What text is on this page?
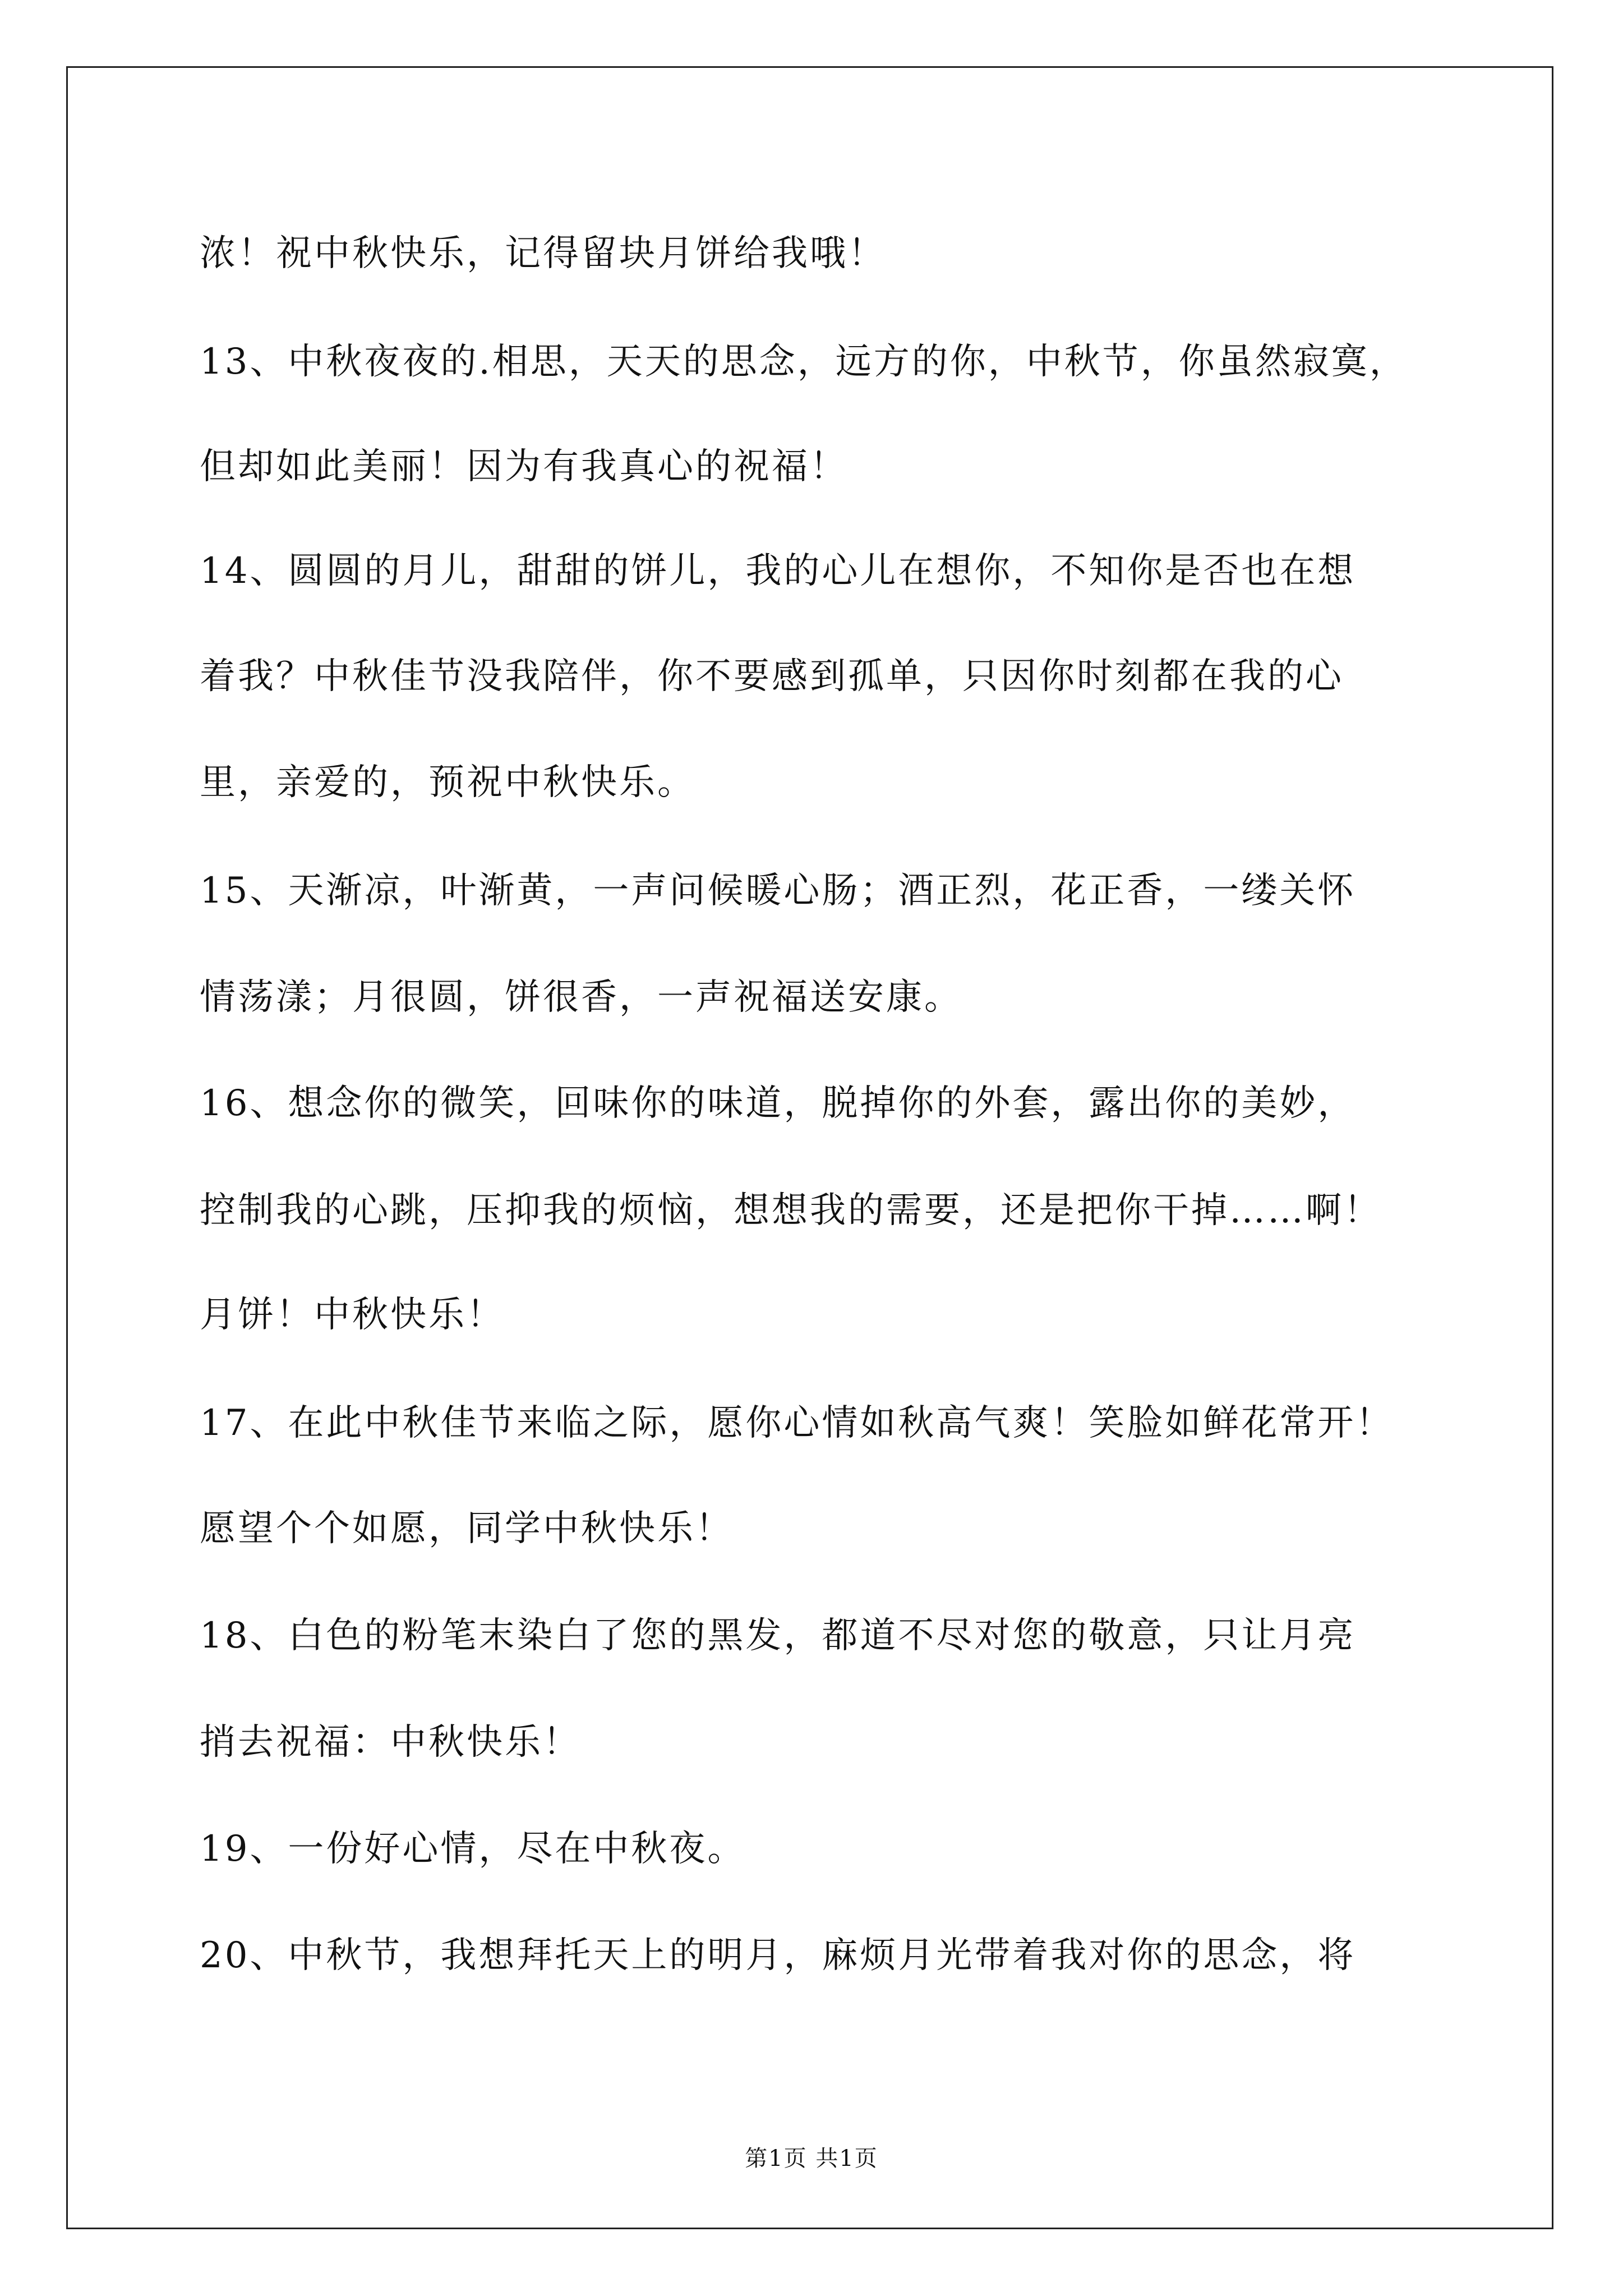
浓！祝中秋快乐，记得留块月饼给我哦！
13、中秋夜夜的.相思，天天的思念，远方的你，中秋节，你虽然寂寞，
但却如此美丽！因为有我真心的祝福！
14、圆圆的月儿，甜甜的饼儿，我的心儿在想你，不知你是否也在想
着我？中秋佳节没我陪伴，你不要感到孤单，只因你时刻都在我的心
里，亲爱的，预祝中秋快乐。
15、天渐凉，叶渐黄，一声问候暖心肠；酒正烈，花正香，一缕关怀
情荡漾；月很圆，饼很香，一声祝福送安康。
16、想念你的微笑，回味你的味道，脱掉你的外套，露出你的美妙，
控制我的心跳，压抑我的烦恼，想想我的需要，还是把你干掉……啊！
月饼！中秋快乐！
17、在此中秋佳节来临之际，愿你心情如秋高气爽！笑脸如鲜花常开！
愿望个个如愿，同学中秋快乐！
18、白色的粉笔末染白了您的黑发，都道不尽对您的敬意，只让月亮
捎去祝福：中秋快乐！
19、一份好心情，尽在中秋夜。
20、中秋节，我想拜托天上的明月，麻烦月光带着我对你的思念，将
第1页 共1页
